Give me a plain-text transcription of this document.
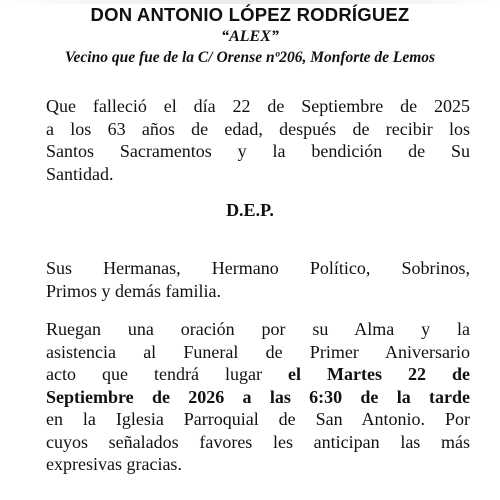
DON ANTONIO LÓPEZ RODRÍGUEZ
“ALEX”
Vecino que fue de la C/ Orense nº206, Monforte de Lemos
Que falleció el día 22 de Septiembre de 2025
a los 63 años de edad, después de recibir los
Santos Sacramentos y la bendición de Su
Santidad.
D.E.P.
Sus Hermanas, Hermano Político, Sobrinos,
Primos y demás familia.
Ruegan una oración por su Alma y la
asistencia al Funeral de Primer Aniversario
acto que tendrá lugar el Martes 22 de
Septiembre de 2026 a las 6:30 de la tarde
en la Iglesia Parroquial de San Antonio. Por
cuyos señalados favores les anticipan las más
expresivas gracias.
